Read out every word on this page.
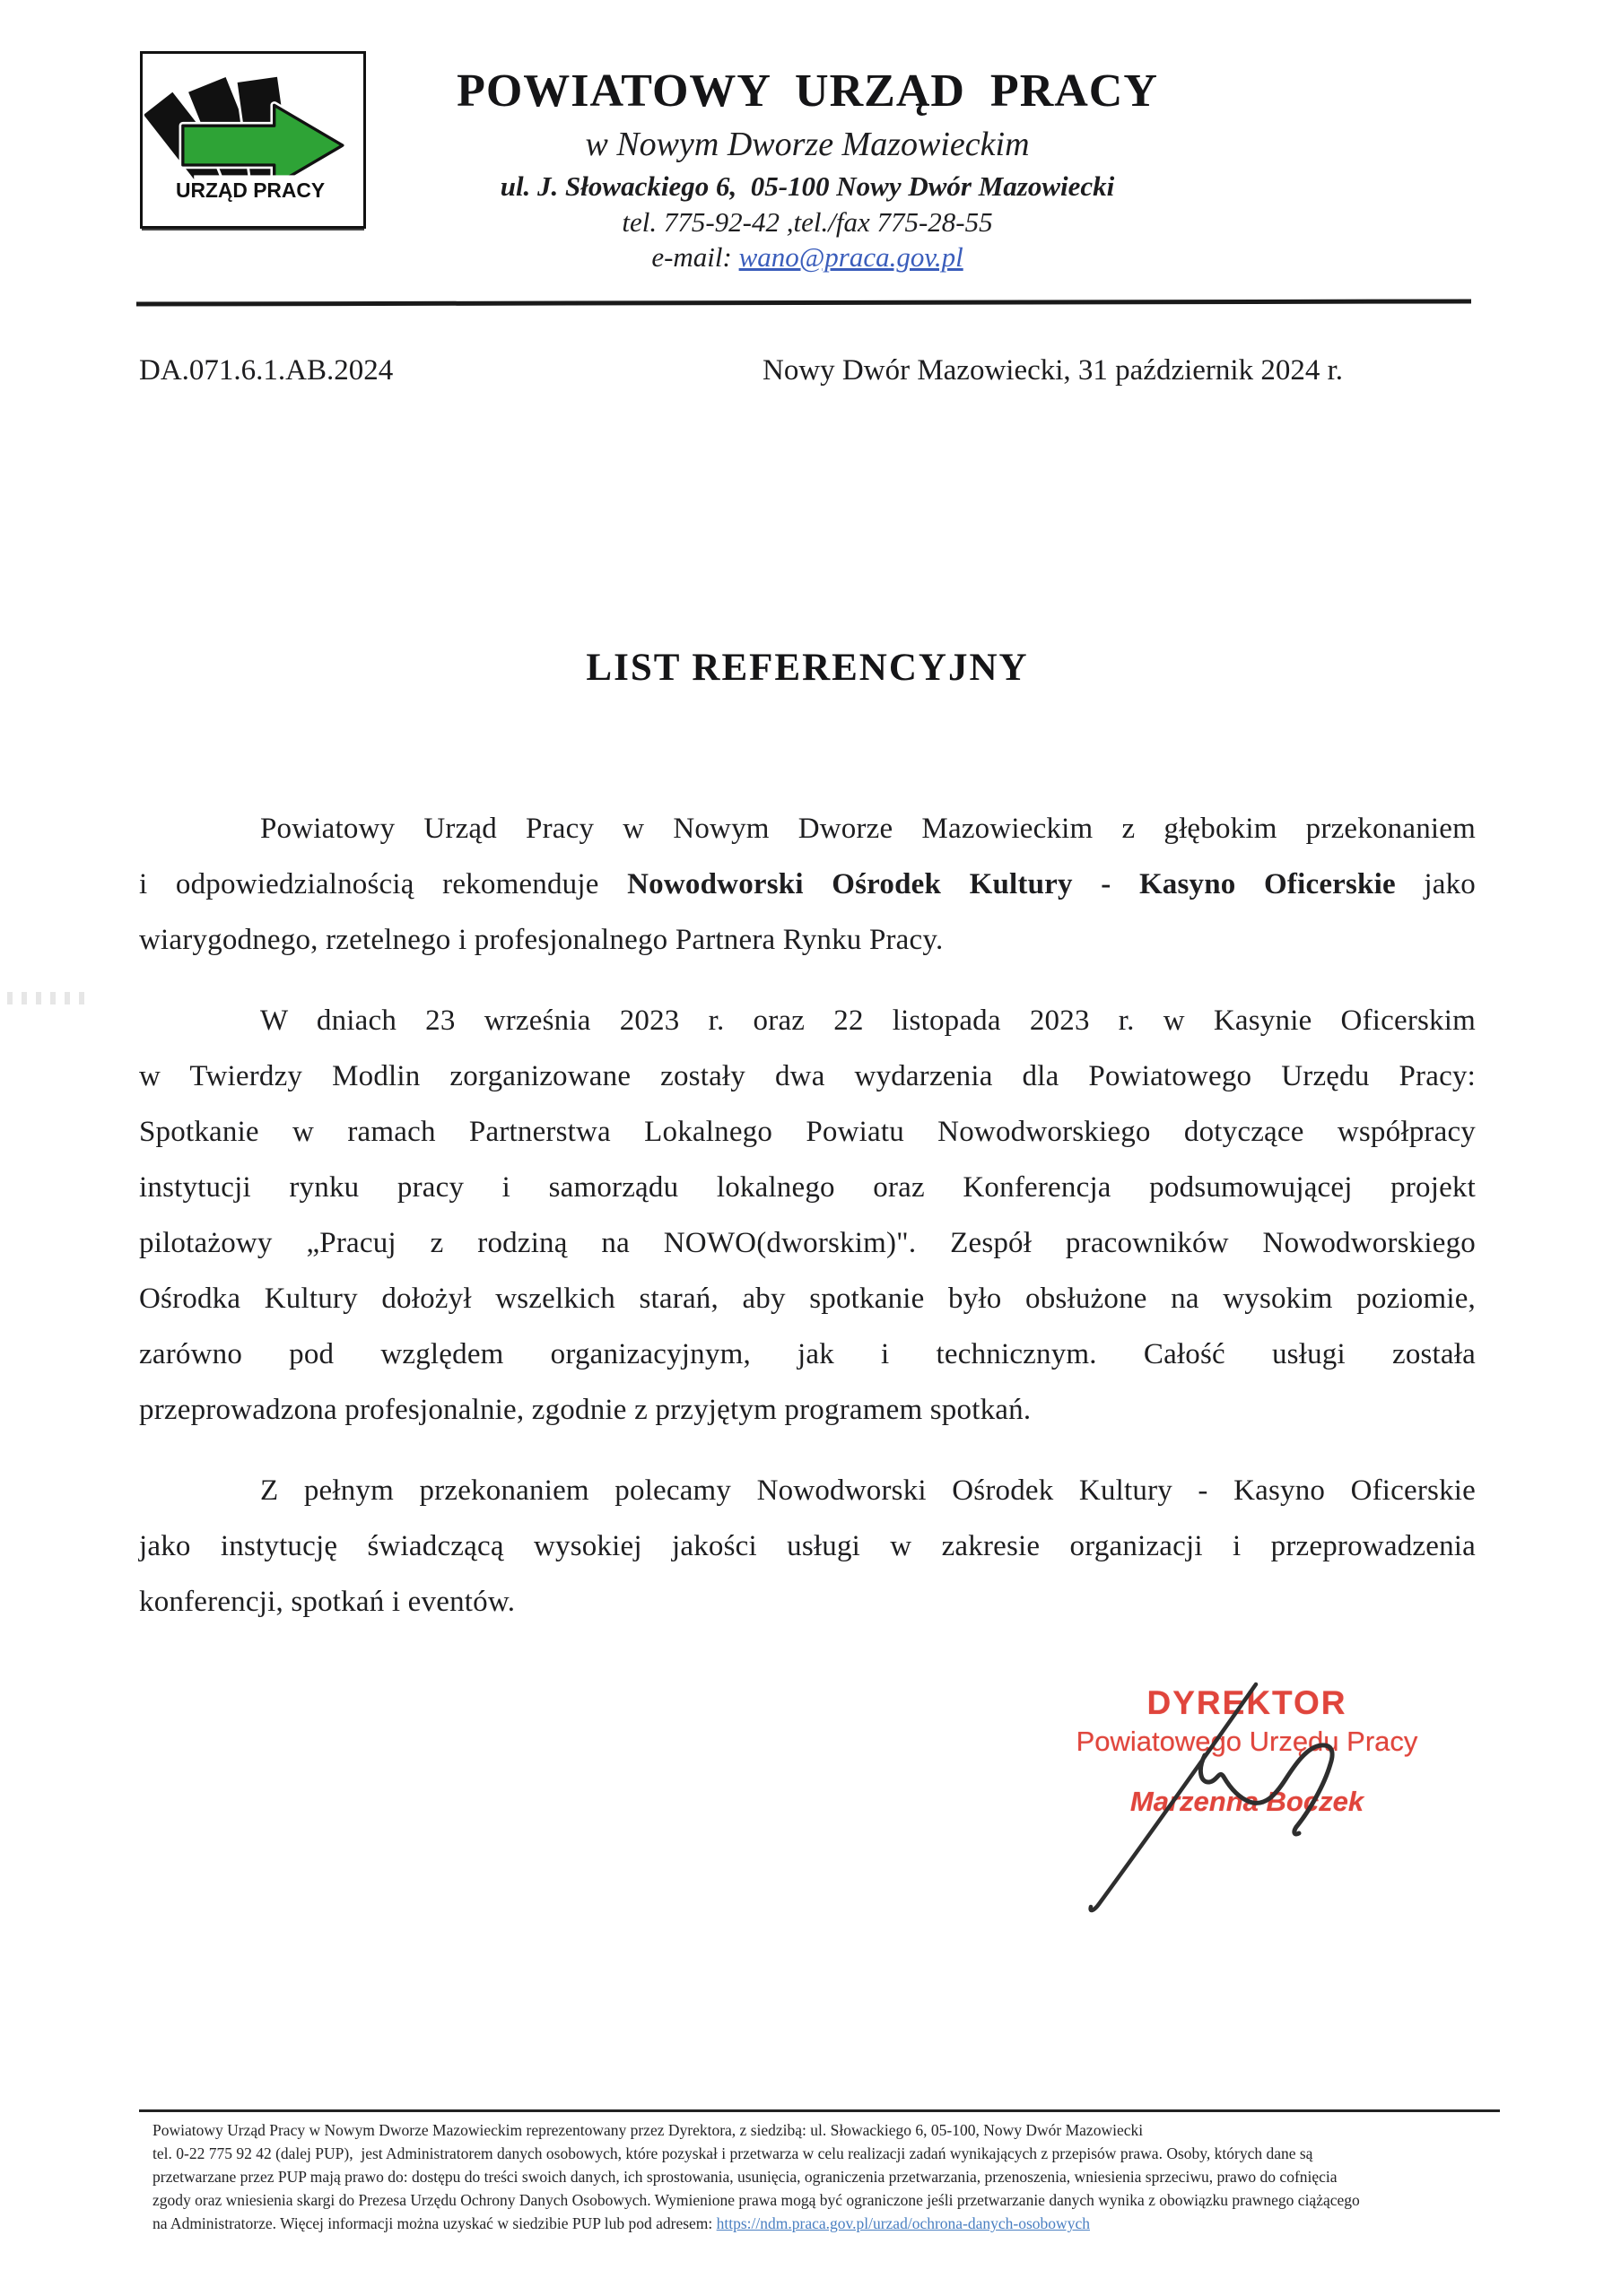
URZĄD PRACY
POWIATOWY URZĄD PRACY
w Nowym Dworze Mazowieckim
ul. J. Słowackiego 6,  05-100 Nowy Dwór Mazowiecki
tel. 775-92-42 ,tel./fax 775-28-55
e-mail: wano@praca.gov.pl
DA.071.6.1.AB.2024	Nowy Dwór Mazowiecki, 31 październik 2024 r.
LIST REFERENCYJNY
Powiatowy Urząd Pracy w Nowym Dworze Mazowieckim z głębokim przekonaniem
i odpowiedzialnością rekomenduje Nowodworski Ośrodek Kultury - Kasyno Oficerskie jako
wiarygodnego, rzetelnego i profesjonalnego Partnera Rynku Pracy.
W dniach 23 września 2023 r. oraz 22 listopada 2023 r. w Kasynie Oficerskim
w Twierdzy Modlin zorganizowane zostały dwa wydarzenia dla Powiatowego Urzędu Pracy:
Spotkanie w ramach Partnerstwa Lokalnego Powiatu Nowodworskiego dotyczące współpracy
instytucji rynku pracy i samorządu lokalnego oraz Konferencja podsumowującej projekt
pilotażowy „Pracuj z rodziną na NOWO(dworskim)". Zespół pracowników Nowodworskiego
Ośrodka Kultury dołożył wszelkich starań, aby spotkanie było obsłużone na wysokim poziomie,
zarówno pod względem organizacyjnym, jak i technicznym. Całość usługi została
przeprowadzona profesjonalnie, zgodnie z przyjętym programem spotkań.
Z pełnym przekonaniem polecamy Nowodworski Ośrodek Kultury - Kasyno Oficerskie
jako instytucję świadczącą wysokiej jakości usługi w zakresie organizacji i przeprowadzenia
konferencji, spotkań i eventów.
DYREKTOR
Powiatowego Urzędu Pracy
Marzenna Boczek
Powiatowy Urząd Pracy w Nowym Dworze Mazowieckim reprezentowany przez Dyrektora, z siedzibą: ul. Słowackiego 6, 05-100, Nowy Dwór Mazowiecki
tel. 0-22 775 92 42 (dalej PUP),  jest Administratorem danych osobowych, które pozyskał i przetwarza w celu realizacji zadań wynikających z przepisów prawa. Osoby, których dane są
przetwarzane przez PUP mają prawo do: dostępu do treści swoich danych, ich sprostowania, usunięcia, ograniczenia przetwarzania, przenoszenia, wniesienia sprzeciwu, prawo do cofnięcia
zgody oraz wniesienia skargi do Prezesa Urzędu Ochrony Danych Osobowych. Wymienione prawa mogą być ograniczone jeśli przetwarzanie danych wynika z obowiązku prawnego ciążącego
na Administratorze. Więcej informacji można uzyskać w siedzibie PUP lub pod adresem: https://ndm.praca.gov.pl/urzad/ochrona-danych-osobowych
